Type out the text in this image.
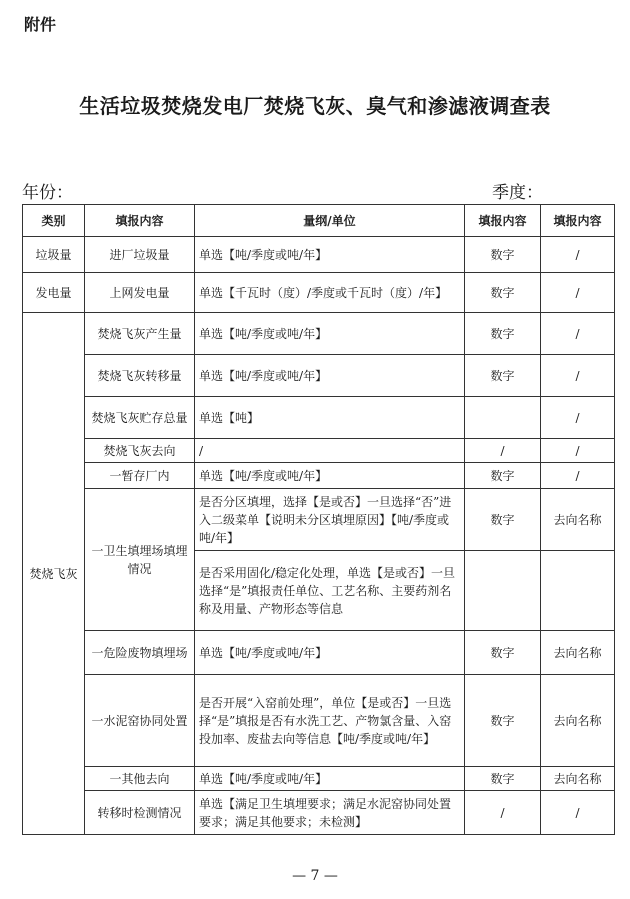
附件
生活垃圾焚烧发电厂焚烧飞灰、臭气和渗滤液调查表
年份：	季度：
类别	填报内容	量纲/单位	填报内容	填报内容
垃圾量	进厂垃圾量	单选【吨/季度或吨/年】	数字	/
发电量	上网发电量	单选【千瓦时（度）/季度或千瓦时（度）/年】	数字	/
焚烧飞灰	焚烧飞灰产生量	单选【吨/季度或吨/年】	数字	/
	焚烧飞灰转移量	单选【吨/季度或吨/年】	数字	/
	焚烧飞灰贮存总量	单选【吨】		/
	焚烧飞灰去向	/	/	/
	一暂存厂内	单选【吨/季度或吨/年】	数字	/
	一卫生填埋场填埋情况	是否分区填埋，选择【是或否】一旦选择“否”进入二级菜单【说明未分区填埋原因】【吨/季度或吨/年】	数字	去向名称
		是否采用固化/稳定化处理，单选【是或否】一旦选择“是”填报责任单位、工艺名称、主要药剂名称及用量、产物形态等信息		
	一危险废物填埋场	单选【吨/季度或吨/年】	数字	去向名称
	一水泥窑协同处置	是否开展“入窑前处理”，单位【是或否】一旦选择“是”填报是否有水洗工艺、产物氯含量、入窑投加率、废盐去向等信息【吨/季度或吨/年】	数字	去向名称
	一其他去向	单选【吨/季度或吨/年】	数字	去向名称
	转移时检测情况	单选【满足卫生填埋要求；满足水泥窑协同处置要求；满足其他要求；未检测】	/	/
— 7 —
